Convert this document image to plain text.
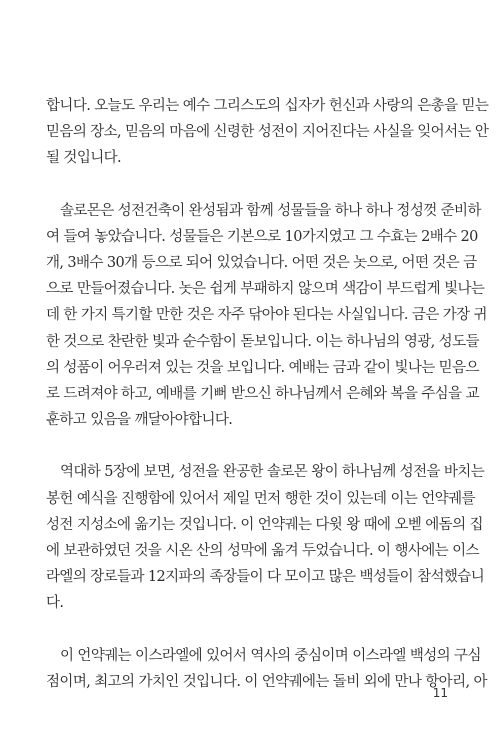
합니다. 오늘도 우리는 예수 그리스도의 십자가 헌신과 사랑의 은총을 믿는
믿음의 장소, 믿음의 마음에 신령한 성전이 지어진다는 사실을 잊어서는 안
될 것입니다.
솔로몬은 성전건축이 완성됨과 함께 성물들을 하나 하나 정성껏 준비하
여 들여 놓았습니다. 성물들은 기본으로 10가지였고 그 수효는 2배수 20
개, 3배수 30개 등으로 되어 있었습니다. 어떤 것은 놋으로, 어떤 것은 금
으로 만들어졌습니다. 놋은 쉽게 부패하지 않으며 색감이 부드럽게 빛나는
데 한 가지 특기할 만한 것은 자주 닦아야 된다는 사실입니다. 금은 가장 귀
한 것으로 찬란한 빛과 순수함이 돋보입니다. 이는 하나님의 영광, 성도들
의 성품이 어우러져 있는 것을 보입니다. 예배는 금과 같이 빛나는 믿음으
로 드려져야 하고, 예배를 기뻐 받으신 하나님께서 은혜와 복을 주심을 교
훈하고 있음을 깨달아야합니다.
역대하 5장에 보면, 성전을 완공한 솔로몬 왕이 하나님께 성전을 바치는
봉헌 예식을 진행함에 있어서 제일 먼저 행한 것이 있는데 이는 언약궤를
성전 지성소에 옮기는 것입니다. 이 언약궤는 다윗 왕 때에 오벧 에돔의 집
에 보관하였던 것을 시온 산의 성막에 옮겨 두었습니다. 이 행사에는 이스
라엘의 장로들과 12지파의 족장들이 다 모이고 많은 백성들이 참석했습니
다.
이 언약궤는 이스라엘에 있어서 역사의 중심이며 이스라엘 백성의 구심
점이며, 최고의 가치인 것입니다. 이 언약궤에는 돌비 외에 만나 항아리, 아
11
